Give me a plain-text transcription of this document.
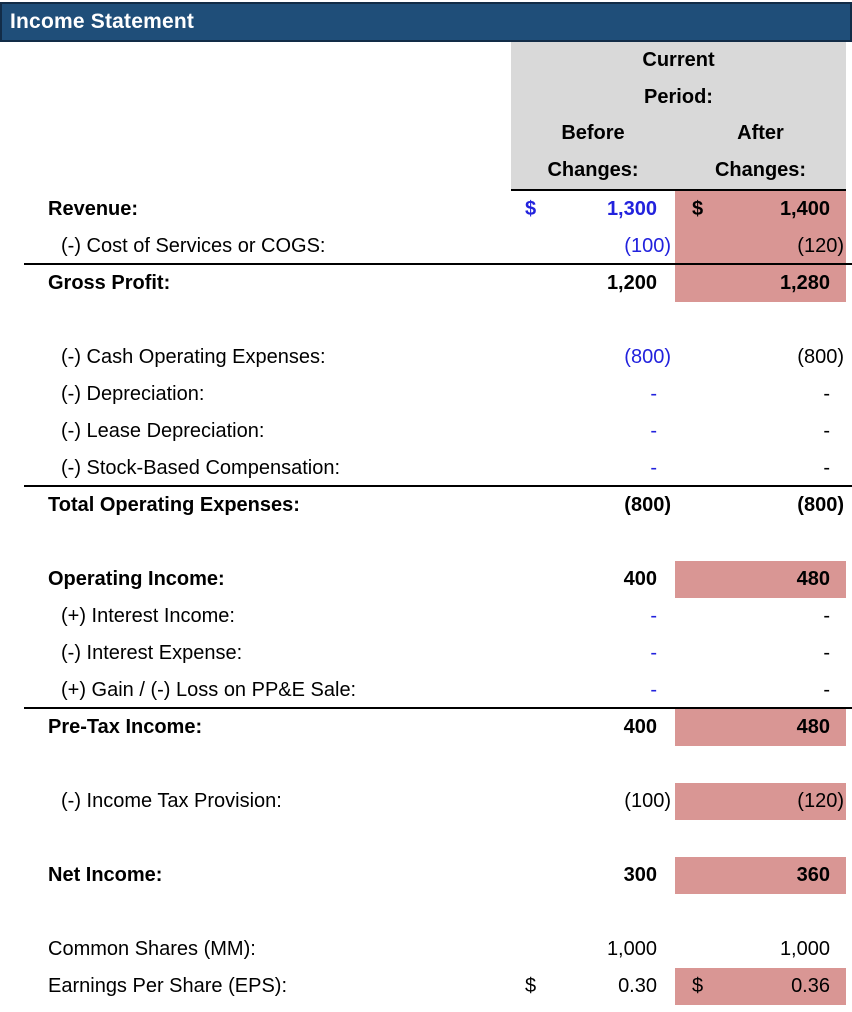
Income Statement
Current
Period:
Before	After
Changes:	Changes:
Revenue:	$	1,300	$	1,400
(-) Cost of Services or COGS:	(100)	(120)
Gross Profit:	1,200	1,280
(-) Cash Operating Expenses:	(800)	(800)
(-) Depreciation:	-	-
(-) Lease Depreciation:	-	-
(-) Stock-Based Compensation:	-	-
Total Operating Expenses:	(800)	(800)
Operating Income:	400	480
(+) Interest Income:	-	-
(-) Interest Expense:	-	-
(+) Gain / (-) Loss on PP&E Sale:	-	-
Pre-Tax Income:	400	480
(-) Income Tax Provision:	(100)	(120)
Net Income:	300	360
Common Shares (MM):	1,000	1,000
Earnings Per Share (EPS):	$	0.30	$	0.36
